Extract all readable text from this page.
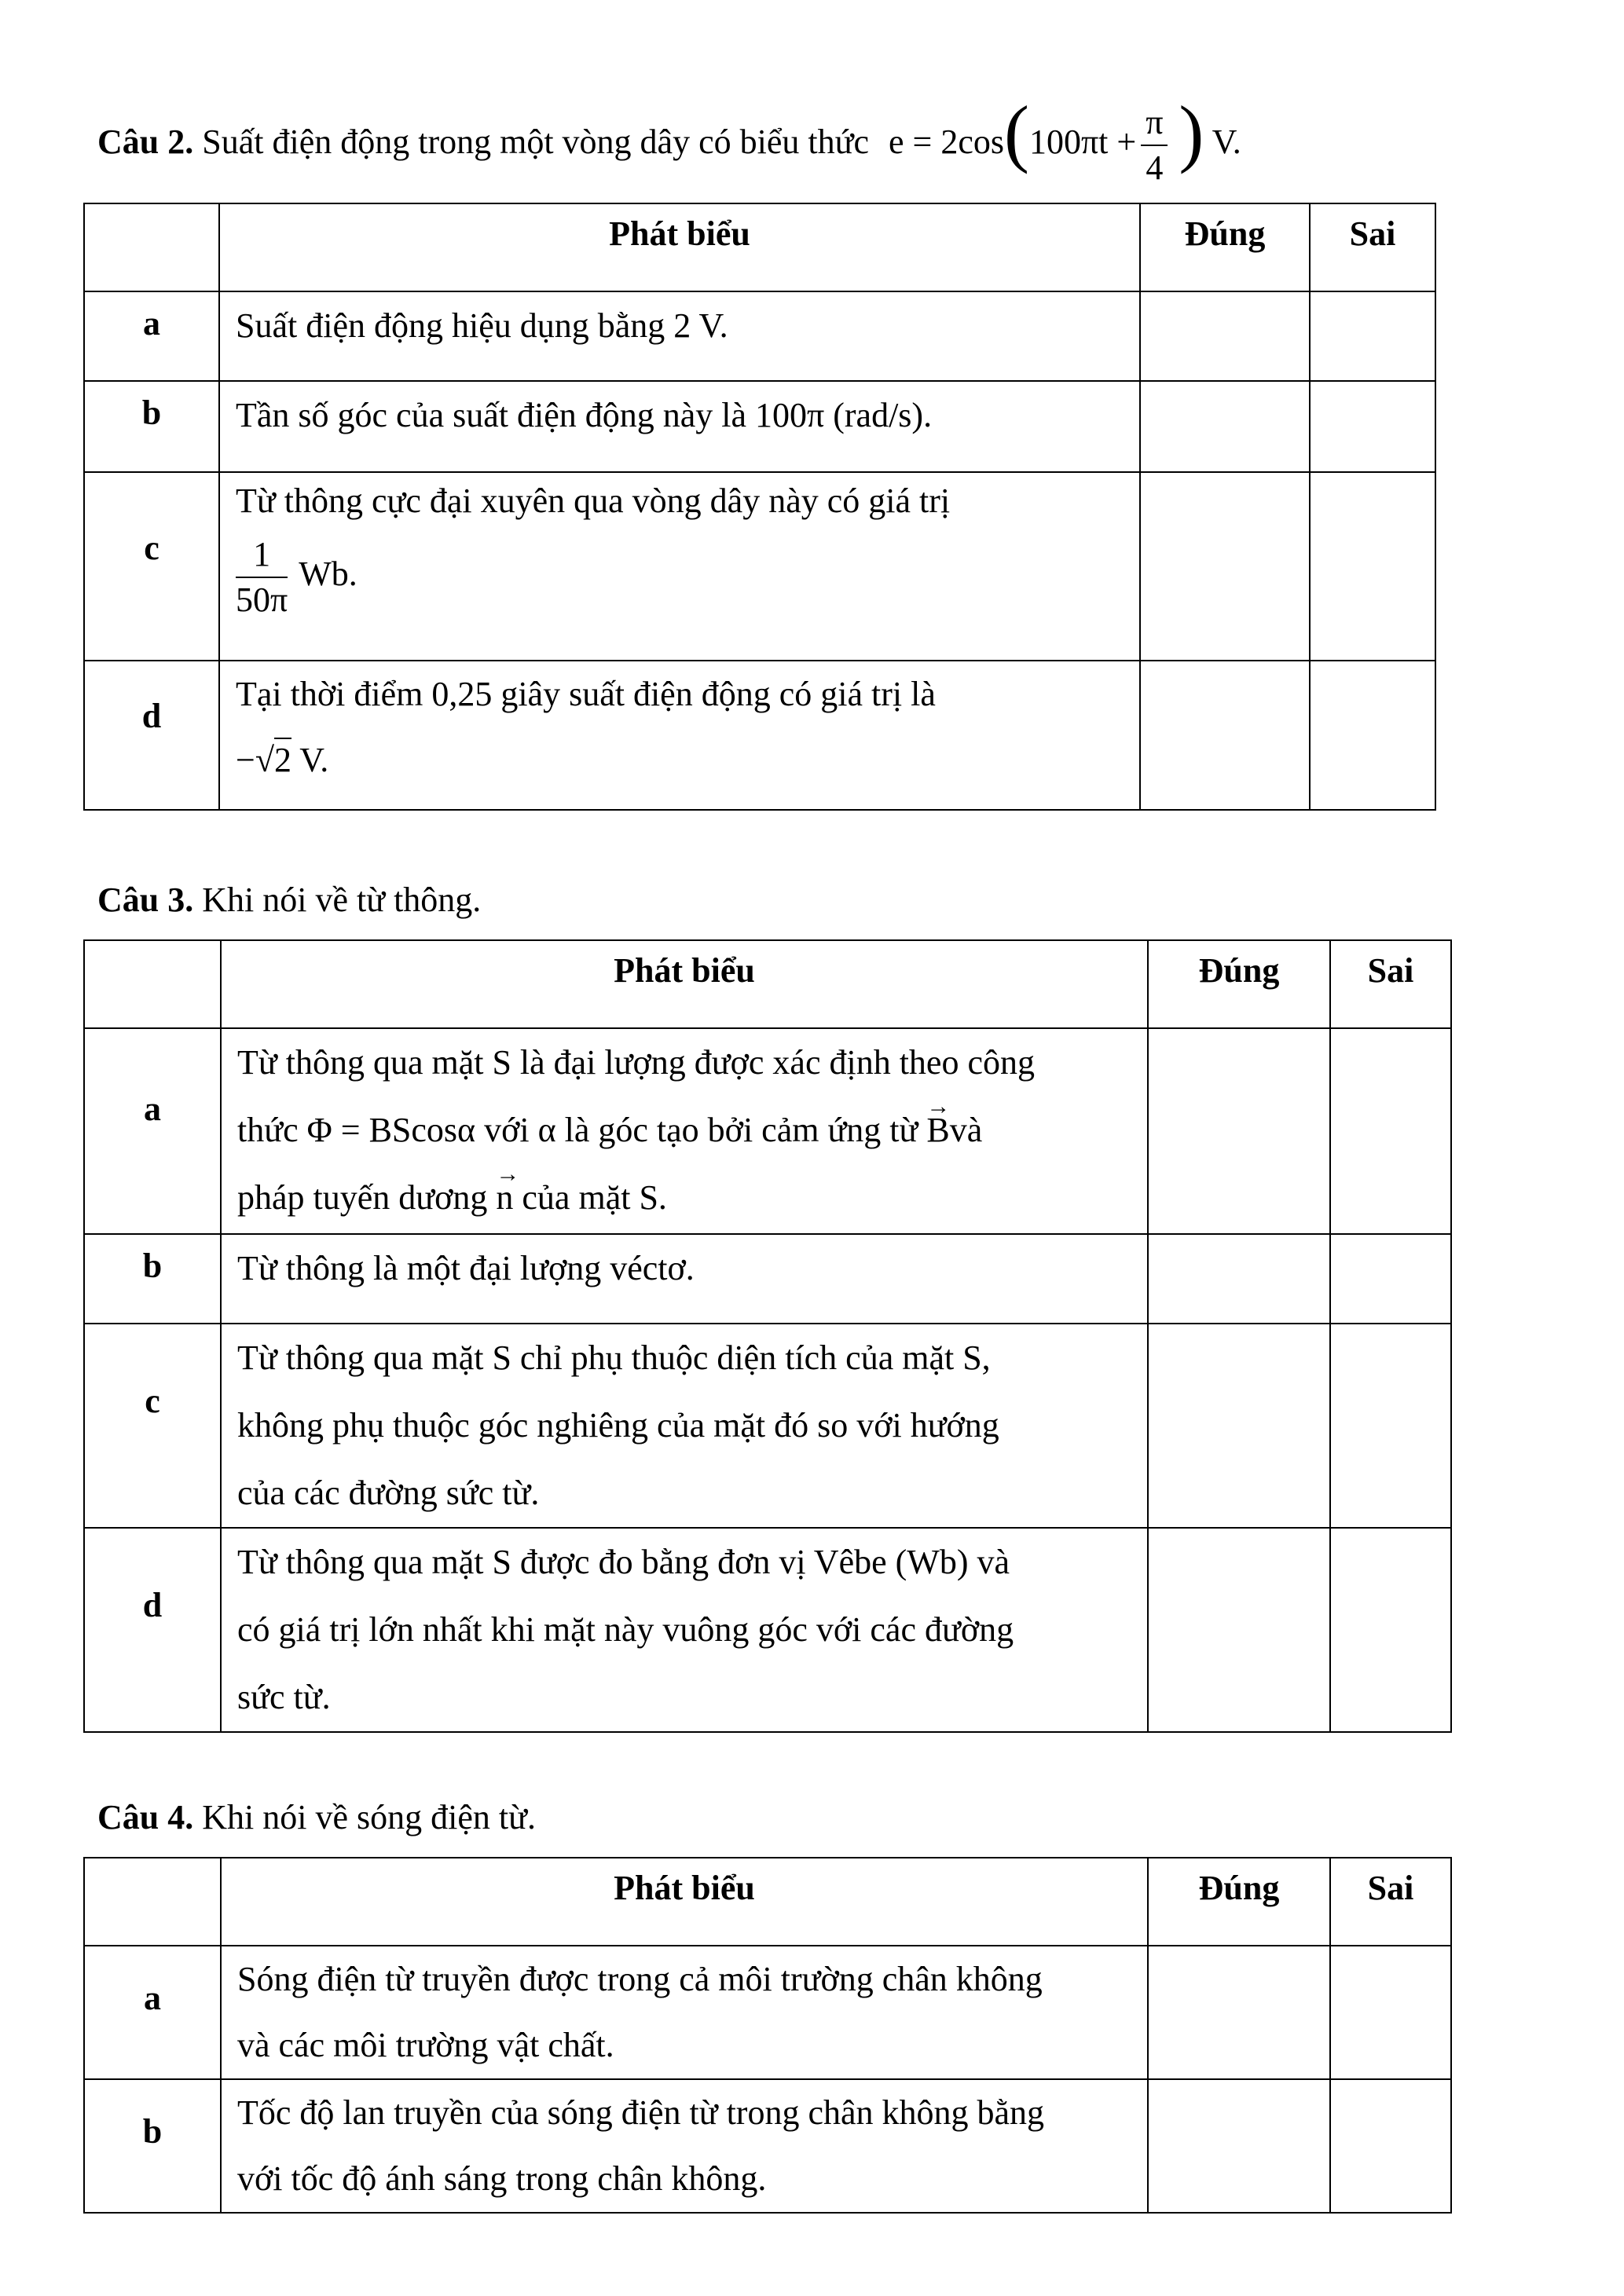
Câu 2. Suất điện động trong một vòng dây có biểu thức $e = 2\cos(100\pi t + \frac{\pi}{4}$ ) V.
	Phát biểu	Đúng	Sai
a	Suất điện động hiệu dụng bằng 2 V.		
b	Tần số góc của suất điện động này là 100π (rad/s).		
c	Từ thông cực đại xuyên qua vòng dây này có giá trị
$\frac{1}{50\pi} Wb$.		

d	Tại thời điểm 0,25 giây suất điện động có giá trị là
−√2 V.		

Câu 3. Khi nói về từ thông.
	Phát biểu	Đúng	Sai
a	Từ thông qua mặt S là đại lượng được xác định theo công
thức Φ = BScosα với α là góc tạo bởi cảm ứng từ → Bvà
pháp tuyến dương → n của mặt S.

b	Từ thông là một đại lượng véctơ.		
c	Từ thông qua mặt S chỉ phụ thuộc diện tích của mặt S,
không phụ thuộc góc nghiêng của mặt đó so với hướng
của các đường sức từ.		

d	Từ thông qua mặt S được đo bằng đơn vị Vêbe (Wb) và
có giá trị lớn nhất khi mặt này vuông góc với các đường
sức từ.		

Câu 4. Khi nói về sóng điện từ.
	Phát biểu	Đúng	Sai
a	Sóng điện từ truyền được trong cả môi trường chân không
và các môi trường vật chất.		

b	Tốc độ lan truyền của sóng điện từ trong chân không bằng
với tốc độ ánh sáng trong chân không.		
